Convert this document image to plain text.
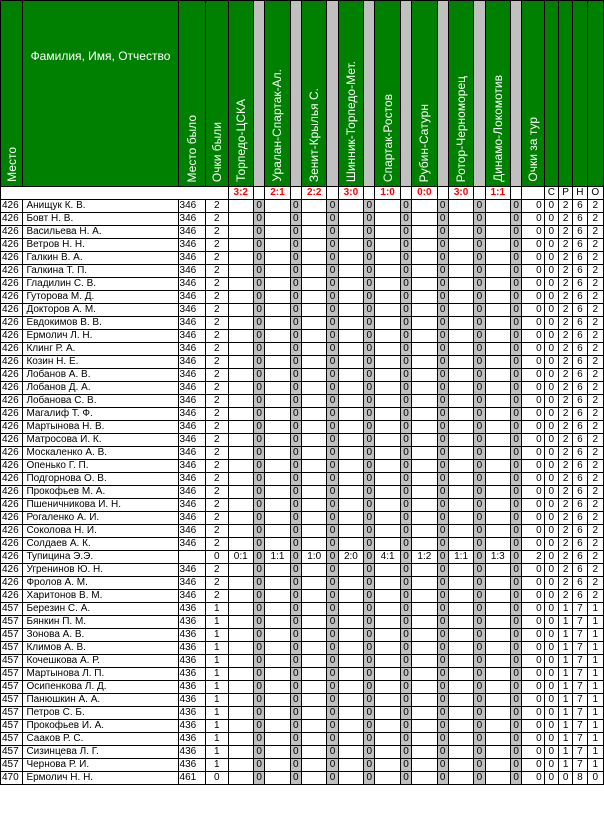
Место	Фамилия, Имя, Отчество	Место было	Очки были	Торпедо-ЦСКА		Уралан-Спартак-Ал.		Зенит-Крылья С.		Шинник-Торпедо-Мет.		Спартак-Ростов		Рубин-Сатурн		Ротор-Черноморец		Динамо-Локомотив		Очки за тур				
				3:2		2:1		2:2		3:0		1:0		0:0		3:0		1:1			С	Р	Н	О
426	Анищук К. В.	346	2		0		0		0		0		0		0		0		0	0	0	2	6	2
426	Бовт Н. В.	346	2		0		0		0		0		0		0		0		0	0	0	2	6	2
426	Васильева Н. А.	346	2		0		0		0		0		0		0		0		0	0	0	2	6	2
426	Ветров Н. Н.	346	2		0		0		0		0		0		0		0		0	0	0	2	6	2
426	Галкин В. А.	346	2		0		0		0		0		0		0		0		0	0	0	2	6	2
426	Галкина Т. П.	346	2		0		0		0		0		0		0		0		0	0	0	2	6	2
426	Гладилин С. В.	346	2		0		0		0		0		0		0		0		0	0	0	2	6	2
426	Гуторова М. Д.	346	2		0		0		0		0		0		0		0		0	0	0	2	6	2
426	Докторов А. М.	346	2		0		0		0		0		0		0		0		0	0	0	2	6	2
426	Евдокимов В. В.	346	2		0		0		0		0		0		0		0		0	0	0	2	6	2
426	Ермолич Л. Н.	346	2		0		0		0		0		0		0		0		0	0	0	2	6	2
426	Клинг Р. А.	346	2		0		0		0		0		0		0		0		0	0	0	2	6	2
426	Козин Н. Е.	346	2		0		0		0		0		0		0		0		0	0	0	2	6	2
426	Лобанов А. В.	346	2		0		0		0		0		0		0		0		0	0	0	2	6	2
426	Лобанов Д. А.	346	2		0		0		0		0		0		0		0		0	0	0	2	6	2
426	Лобанова С. В.	346	2		0		0		0		0		0		0		0		0	0	0	2	6	2
426	Магалиф Т. Ф.	346	2		0		0		0		0		0		0		0		0	0	0	2	6	2
426	Мартынова Н. В.	346	2		0		0		0		0		0		0		0		0	0	0	2	6	2
426	Матросова И. К.	346	2		0		0		0		0		0		0		0		0	0	0	2	6	2
426	Москаленко А. В.	346	2		0		0		0		0		0		0		0		0	0	0	2	6	2
426	Опенько Г. П.	346	2		0		0		0		0		0		0		0		0	0	0	2	6	2
426	Подгорнова О. В.	346	2		0		0		0		0		0		0		0		0	0	0	2	6	2
426	Прокофьев М. А.	346	2		0		0		0		0		0		0		0		0	0	0	2	6	2
426	Пшеничникова И. Н.	346	2		0		0		0		0		0		0		0		0	0	0	2	6	2
426	Рогаленко А. И.	346	2		0		0		0		0		0		0		0		0	0	0	2	6	2
426	Соколова Н. И.	346	2		0		0		0		0		0		0		0		0	0	0	2	6	2
426	Солдаев А. К.	346	2		0		0		0		0		0		0		0		0	0	0	2	6	2
426	Тупицина Э.Э.		0	0:1	0	1:1	0	1:0	0	2:0	0	4:1	0	1:2	0	1:1	0	1:3	0	2	0	2	6	2
426	Угренинов Ю. Н.	346	2		0		0		0		0		0		0		0		0	0	0	2	6	2
426	Фролов А. М.	346	2		0		0		0		0		0		0		0		0	0	0	2	6	2
426	Харитонов В. М.	346	2		0		0		0		0		0		0		0		0	0	0	2	6	2
457	Березин С. А.	436	1		0		0		0		0		0		0		0		0	0	0	1	7	1
457	Бянкин П. М.	436	1		0		0		0		0		0		0		0		0	0	0	1	7	1
457	Зонова А. В.	436	1		0		0		0		0		0		0		0		0	0	0	1	7	1
457	Климов А. В.	436	1		0		0		0		0		0		0		0		0	0	0	1	7	1
457	Кочешкова А. Р.	436	1		0		0		0		0		0		0		0		0	0	0	1	7	1
457	Мартынова Л. П.	436	1		0		0		0		0		0		0		0		0	0	0	1	7	1
457	Осипенкова Л. Д.	436	1		0		0		0		0		0		0		0		0	0	0	1	7	1
457	Панюшкин А. А.	436	1		0		0		0		0		0		0		0		0	0	0	1	7	1
457	Петров С. Б.	436	1		0		0		0		0		0		0		0		0	0	0	1	7	1
457	Прокофьев И. А.	436	1		0		0		0		0		0		0		0		0	0	0	1	7	1
457	Сааков Р. С.	436	1		0		0		0		0		0		0		0		0	0	0	1	7	1
457	Сизинцева Л. Г.	436	1		0		0		0		0		0		0		0		0	0	0	1	7	1
457	Чернова Р. И.	436	1		0		0		0		0		0		0		0		0	0	0	1	7	1
470	Ермолич Н. Н.	461	0		0		0		0		0		0		0		0		0	0	0	0	8	0
